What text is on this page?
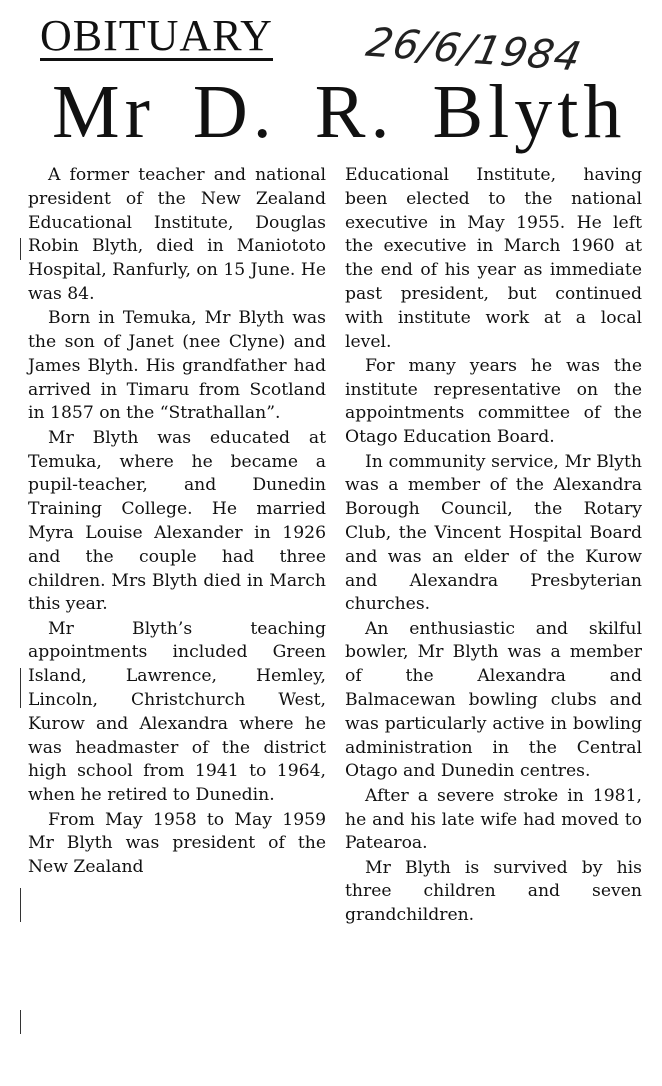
OBITUARY 26/6/1984
Mr D. R. Blyth

A former teacher and national president of the New Zealand Educational Institute, Douglas Robin Blyth, died in Maniototo Hospital, Ranfurly, on 15 June. He was 84.

Born in Temuka, Mr Blyth was the son of Janet (nee Clyne) and James Blyth. His grandfather had arrived in Timaru from Scotland in 1857 on the “Strathallan”.

Mr Blyth was educated at Temuka, where he became a pupil-teacher, and Dunedin Training College. He married Myra Louise Alexander in 1926 and the couple had three children. Mrs Blyth died in March this year.

Mr Blyth’s teaching appointments included Green Island, Lawrence, Hemley, Lincoln, Christchurch West, Kurow and Alexandra where he was headmaster of the district high school from 1941 to 1964, when he retired to Dunedin.

From May 1958 to May 1959 Mr Blyth was president of the New Zealand

Educational Institute, having been elected to the national executive in May 1955. He left the executive in March 1960 at the end of his year as immediate past president, but continued with institute work at a local level.

For many years he was the institute representative on the appointments committee of the Otago Education Board.

In community service, Mr Blyth was a member of the Alexandra Borough Council, the Rotary Club, the Vincent Hospital Board and was an elder of the Kurow and Alexandra Presbyterian churches.

An enthusiastic and skilful bowler, Mr Blyth was a member of the Alexandra and Balmacewan bowling clubs and was particularly active in bowling administration in the Central Otago and Dunedin centres.

After a severe stroke in 1981, he and his late wife had moved to Patearoa.

Mr Blyth is survived by his three children and seven grandchildren.
